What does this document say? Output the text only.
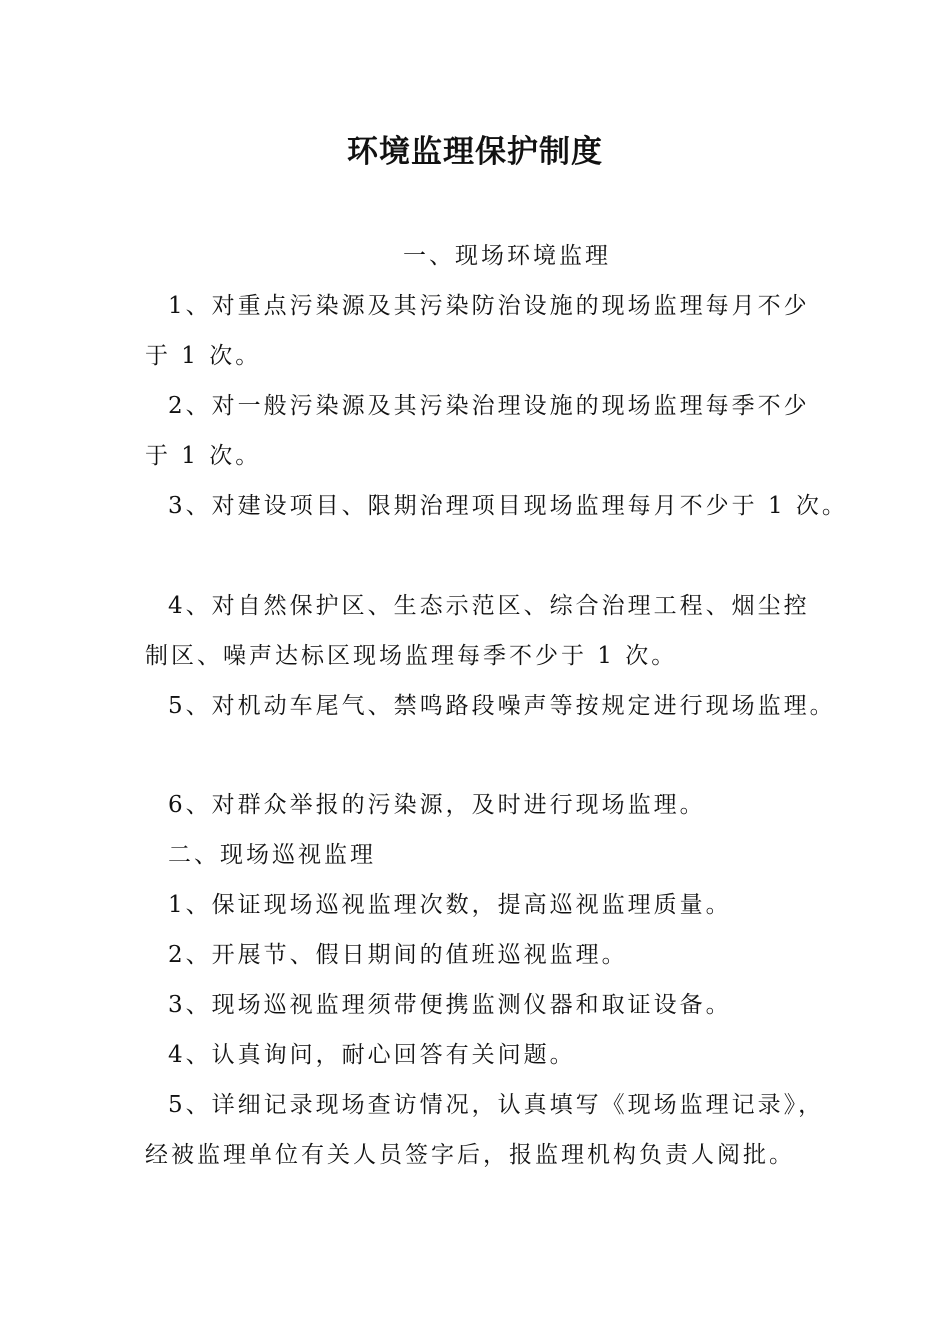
环境监理保护制度
一、现场环境监理
1、对重点污染源及其污染防治设施的现场监理每月不少
于 1 次。
2、对一般污染源及其污染治理设施的现场监理每季不少
于 1 次。
3、对建设项目、限期治理项目现场监理每月不少于 1 次。
4、对自然保护区、生态示范区、综合治理工程、烟尘控
制区、噪声达标区现场监理每季不少于 1 次。
5、对机动车尾气、禁鸣路段噪声等按规定进行现场监理。
6、对群众举报的污染源，及时进行现场监理。
二、现场巡视监理
1、保证现场巡视监理次数，提高巡视监理质量。
2、开展节、假日期间的值班巡视监理。
3、现场巡视监理须带便携监测仪器和取证设备。
4、认真询问，耐心回答有关问题。
5、详细记录现场查访情况，认真填写《现场监理记录》，
经被监理单位有关人员签字后，报监理机构负责人阅批。
